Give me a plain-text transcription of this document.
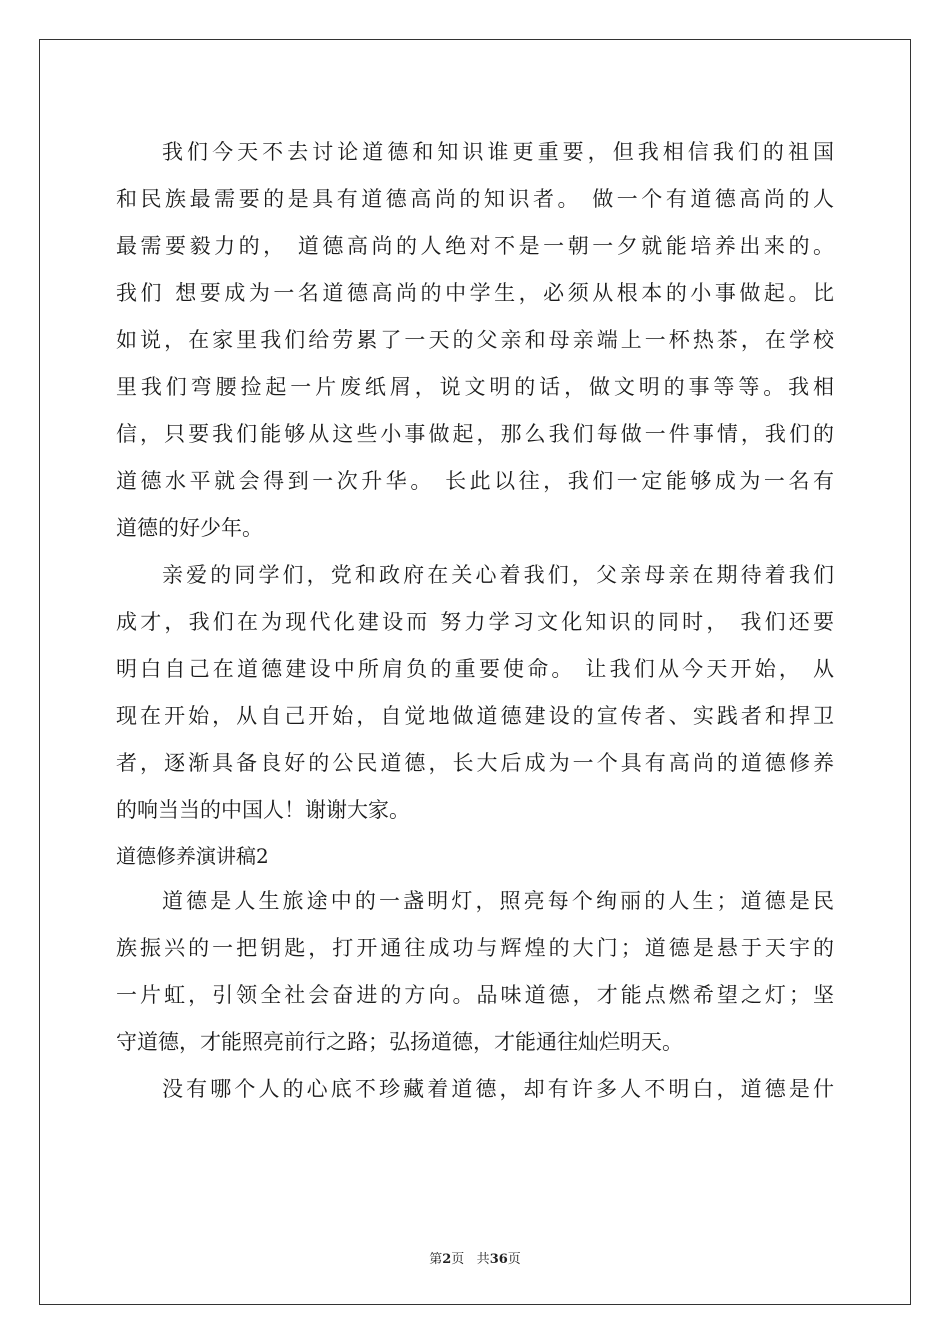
我们今天不去讨论道德和知识谁更重要，但我相信我们的祖国
和民族最需要的是具有道德高尚的知识者。 做一个有道德高尚的人
最需要毅力的， 道德高尚的人绝对不是一朝一夕就能培养出来的。
我们 想要成为一名道德高尚的中学生，必须从根本的小事做起。比
如说，在家里我们给劳累了一天的父亲和母亲端上一杯热茶，在学校
里我们弯腰捡起一片废纸屑，说文明的话，做文明的事等等。我相
信，只要我们能够从这些小事做起，那么我们每做一件事情，我们的
道德水平就会得到一次升华。 长此以往，我们一定能够成为一名有
道德的好少年。
亲爱的同学们，党和政府在关心着我们，父亲母亲在期待着我们
成才，我们在为现代化建设而 努力学习文化知识的同时， 我们还要
明白自己在道德建设中所肩负的重要使命。 让我们从今天开始， 从
现在开始，从自己开始，自觉地做道德建设的宣传者、实践者和捍卫
者，逐渐具备良好的公民道德，长大后成为一个具有高尚的道德修养
的响当当的中国人！谢谢大家。
道德修养演讲稿2
道德是人生旅途中的一盏明灯，照亮每个绚丽的人生；道德是民
族振兴的一把钥匙，打开通往成功与辉煌的大门；道德是悬于天宇的
一片虹，引领全社会奋进的方向。品味道德，才能点燃希望之灯；坚
守道德，才能照亮前行之路；弘扬道德，才能通往灿烂明天。
没有哪个人的心底不珍藏着道德，却有许多人不明白，道德是什
第2页 共36页
